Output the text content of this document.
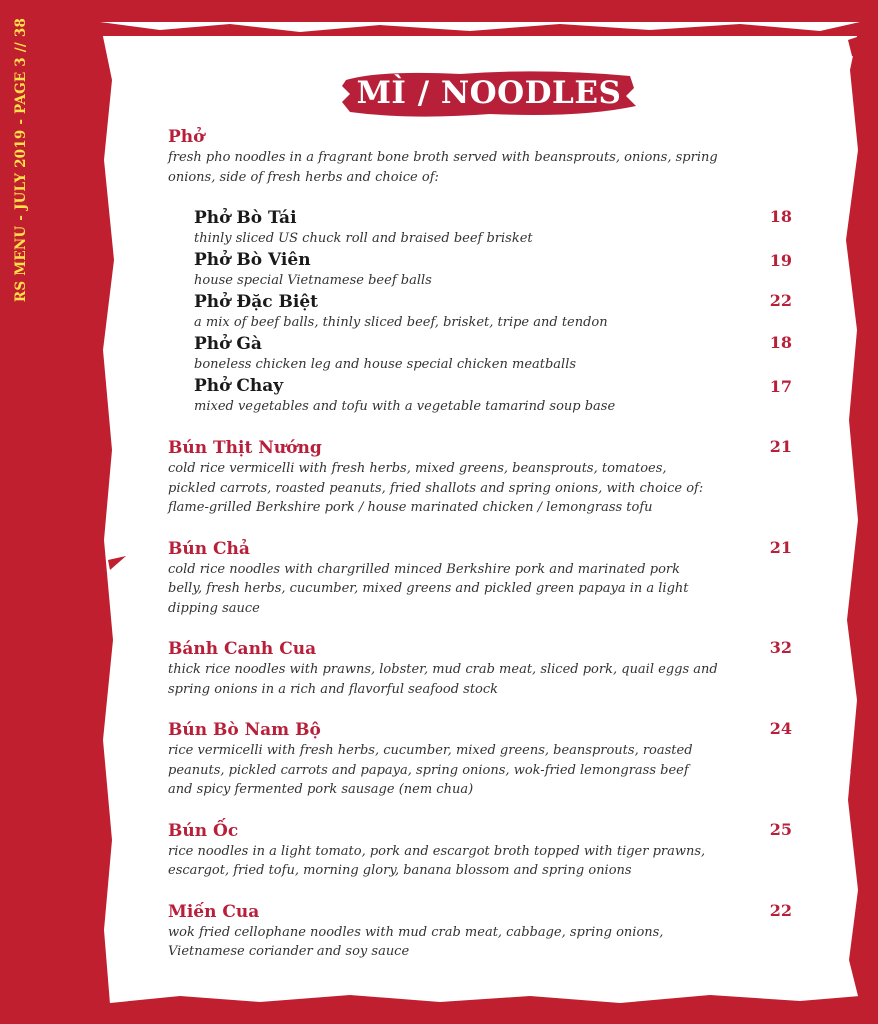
RS MENU - JULY 2019 - PAGE 3 // 38	MÌ / NOODLES
Phở
fresh pho noodles in a fragrant bone broth served with beansprouts, onions, spring onions, side of fresh herbs and choice of:
Phở Bò Tái
thinly sliced US chuck roll and braised beef brisket
18
Phở Bò Viên
house special Vietnamese beef balls
19
Phở Đặc Biệt
a mix of beef balls, thinly sliced beef, brisket, tripe and tendon
22
Phở Gà
boneless chicken leg and house special chicken meatballs
18
Phở Chay
mixed vegetables and tofu with a vegetable tamarind soup base
17
Bún Thịt Nướng
cold rice vermicelli with fresh herbs, mixed greens, beansprouts, tomatoes, pickled carrots, roasted peanuts, fried shallots and spring onions, with choice of: flame-grilled Berkshire pork / house marinated chicken / lemongrass tofu
21
Bún Chả
cold rice noodles with chargrilled minced Berkshire pork and marinated pork belly, fresh herbs, cucumber, mixed greens and pickled green papaya in a light dipping sauce
21
Bánh Canh Cua
thick rice noodles with prawns, lobster, mud crab meat, sliced pork, quail eggs and spring onions in a rich and flavorful seafood stock
32
Bún Bò Nam Bộ
rice vermicelli with fresh herbs, cucumber, mixed greens, beansprouts, roasted peanuts, pickled carrots and papaya, spring onions, wok-fried lemongrass beef and spicy fermented pork sausage (nem chua)
24
Bún Ốc
rice noodles in a light tomato, pork and escargot broth topped with tiger prawns, escargot, fried tofu, morning glory, banana blossom and spring onions
25
Miến Cua
wok fried cellophane noodles with mud crab meat, cabbage, spring onions, Vietnamese coriander and soy sauce
22
